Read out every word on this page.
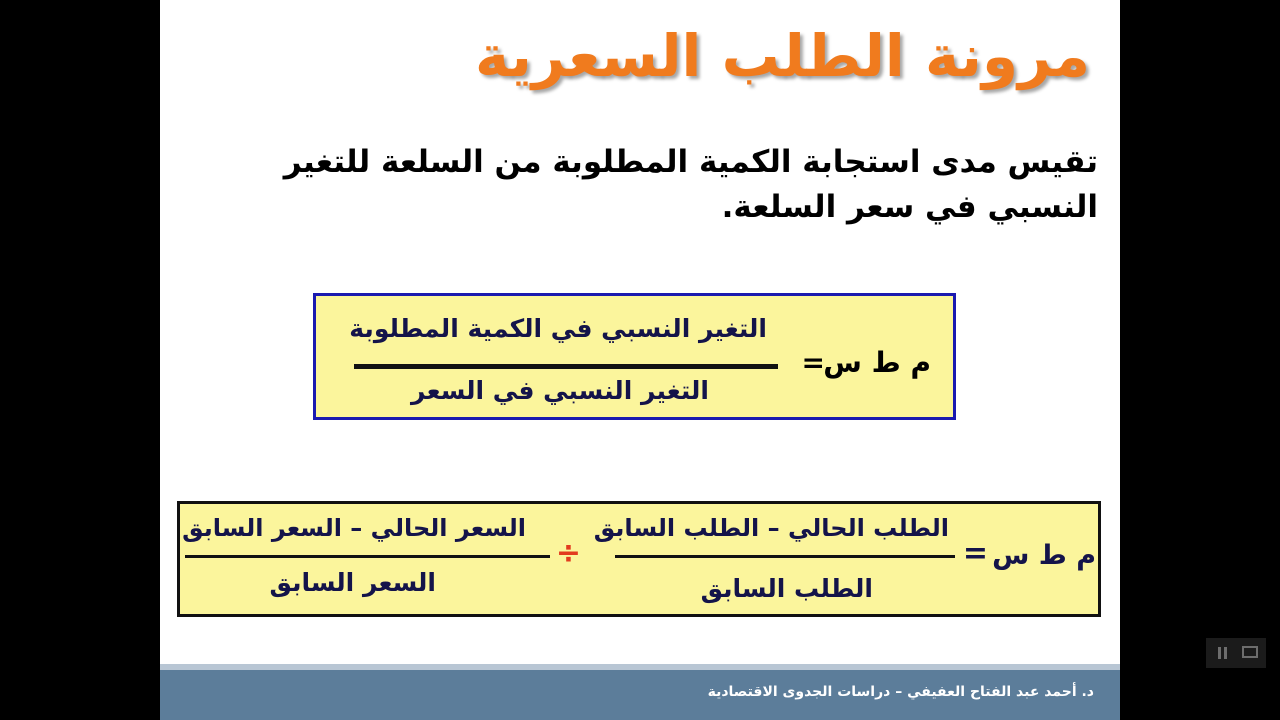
مرونة الطلب السعرية
تقيس مدى استجابة الكمية المطلوبة من السلعة للتغير النسبي في سعر السلعة.
م ط س
=
التغير النسبي في الكمية المطلوبة
التغير النسبي في السعر
م ط س
=
الطلب الحالي – الطلب السابق
الطلب السابق
÷
السعر الحالي – السعر السابق
السعر السابق
د. أحمد عبد الفتاح العفيفي – دراسات الجدوى الاقتصادية
